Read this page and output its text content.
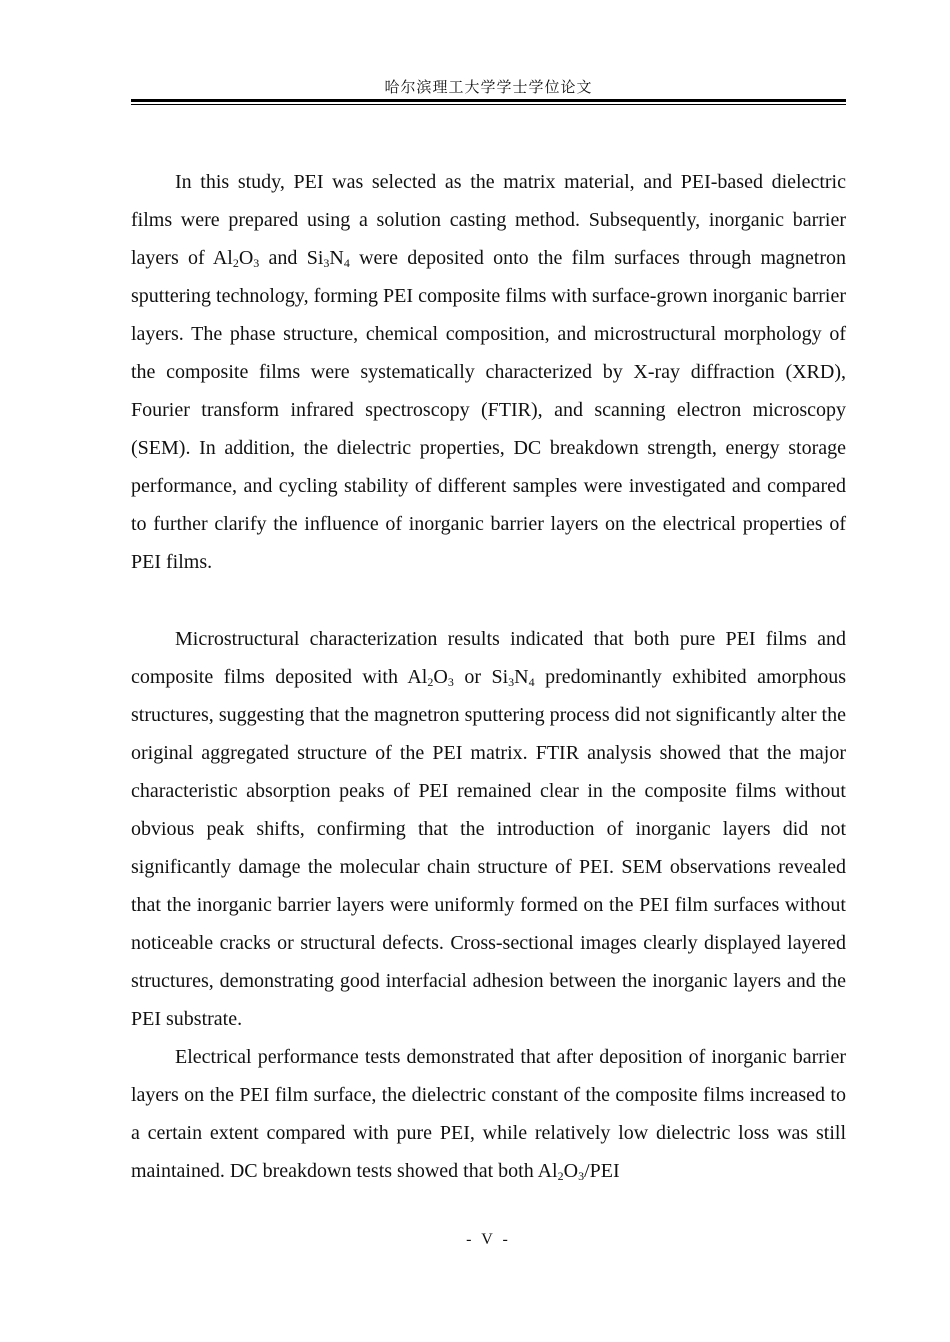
哈尔滨理工大学学士学位论文

In this study, PEI was selected as the matrix material, and PEI-based dielectric films were prepared using a solution casting method. Subsequently, inorganic barrier layers of $Al_2O_3$ and $Si_3N_4$ were deposited onto the film surfaces through magnetron sputtering technology, forming PEI composite films with surface-grown inorganic barrier layers. The phase structure, chemical composition, and microstructural morphology of the composite films were systematically characterized by X-ray diffraction (XRD), Fourier transform infrared spectroscopy (FTIR), and scanning electron microscopy (SEM). In addition, the dielectric properties, DC breakdown strength, energy storage performance, and cycling stability of different samples were investigated and compared to further clarify the influence of inorganic barrier layers on the electrical properties of PEI films.

Microstructural characterization results indicated that both pure PEI films and composite films deposited with $Al_2O_3$ or $Si_3N_4$ predominantly exhibited amorphous structures, suggesting that the magnetron sputtering process did not significantly alter the original aggregated structure of the PEI matrix. FTIR analysis showed that the major characteristic absorption peaks of PEI remained clear in the composite films without obvious peak shifts, confirming that the introduction of inorganic layers did not significantly damage the molecular chain structure of PEI. SEM observations revealed that the inorganic barrier layers were uniformly formed on the PEI film surfaces without noticeable cracks or structural defects. Cross-sectional images clearly displayed layered structures, demonstrating good interfacial adhesion between the inorganic layers and the PEI substrate.

Electrical performance tests demonstrated that after deposition of inorganic barrier layers on the PEI film surface, the dielectric constant of the composite films increased to a certain extent compared with pure PEI, while relatively low dielectric loss was still maintained. DC breakdown tests showed that both $Al_2O_3$/PEI

- V -
